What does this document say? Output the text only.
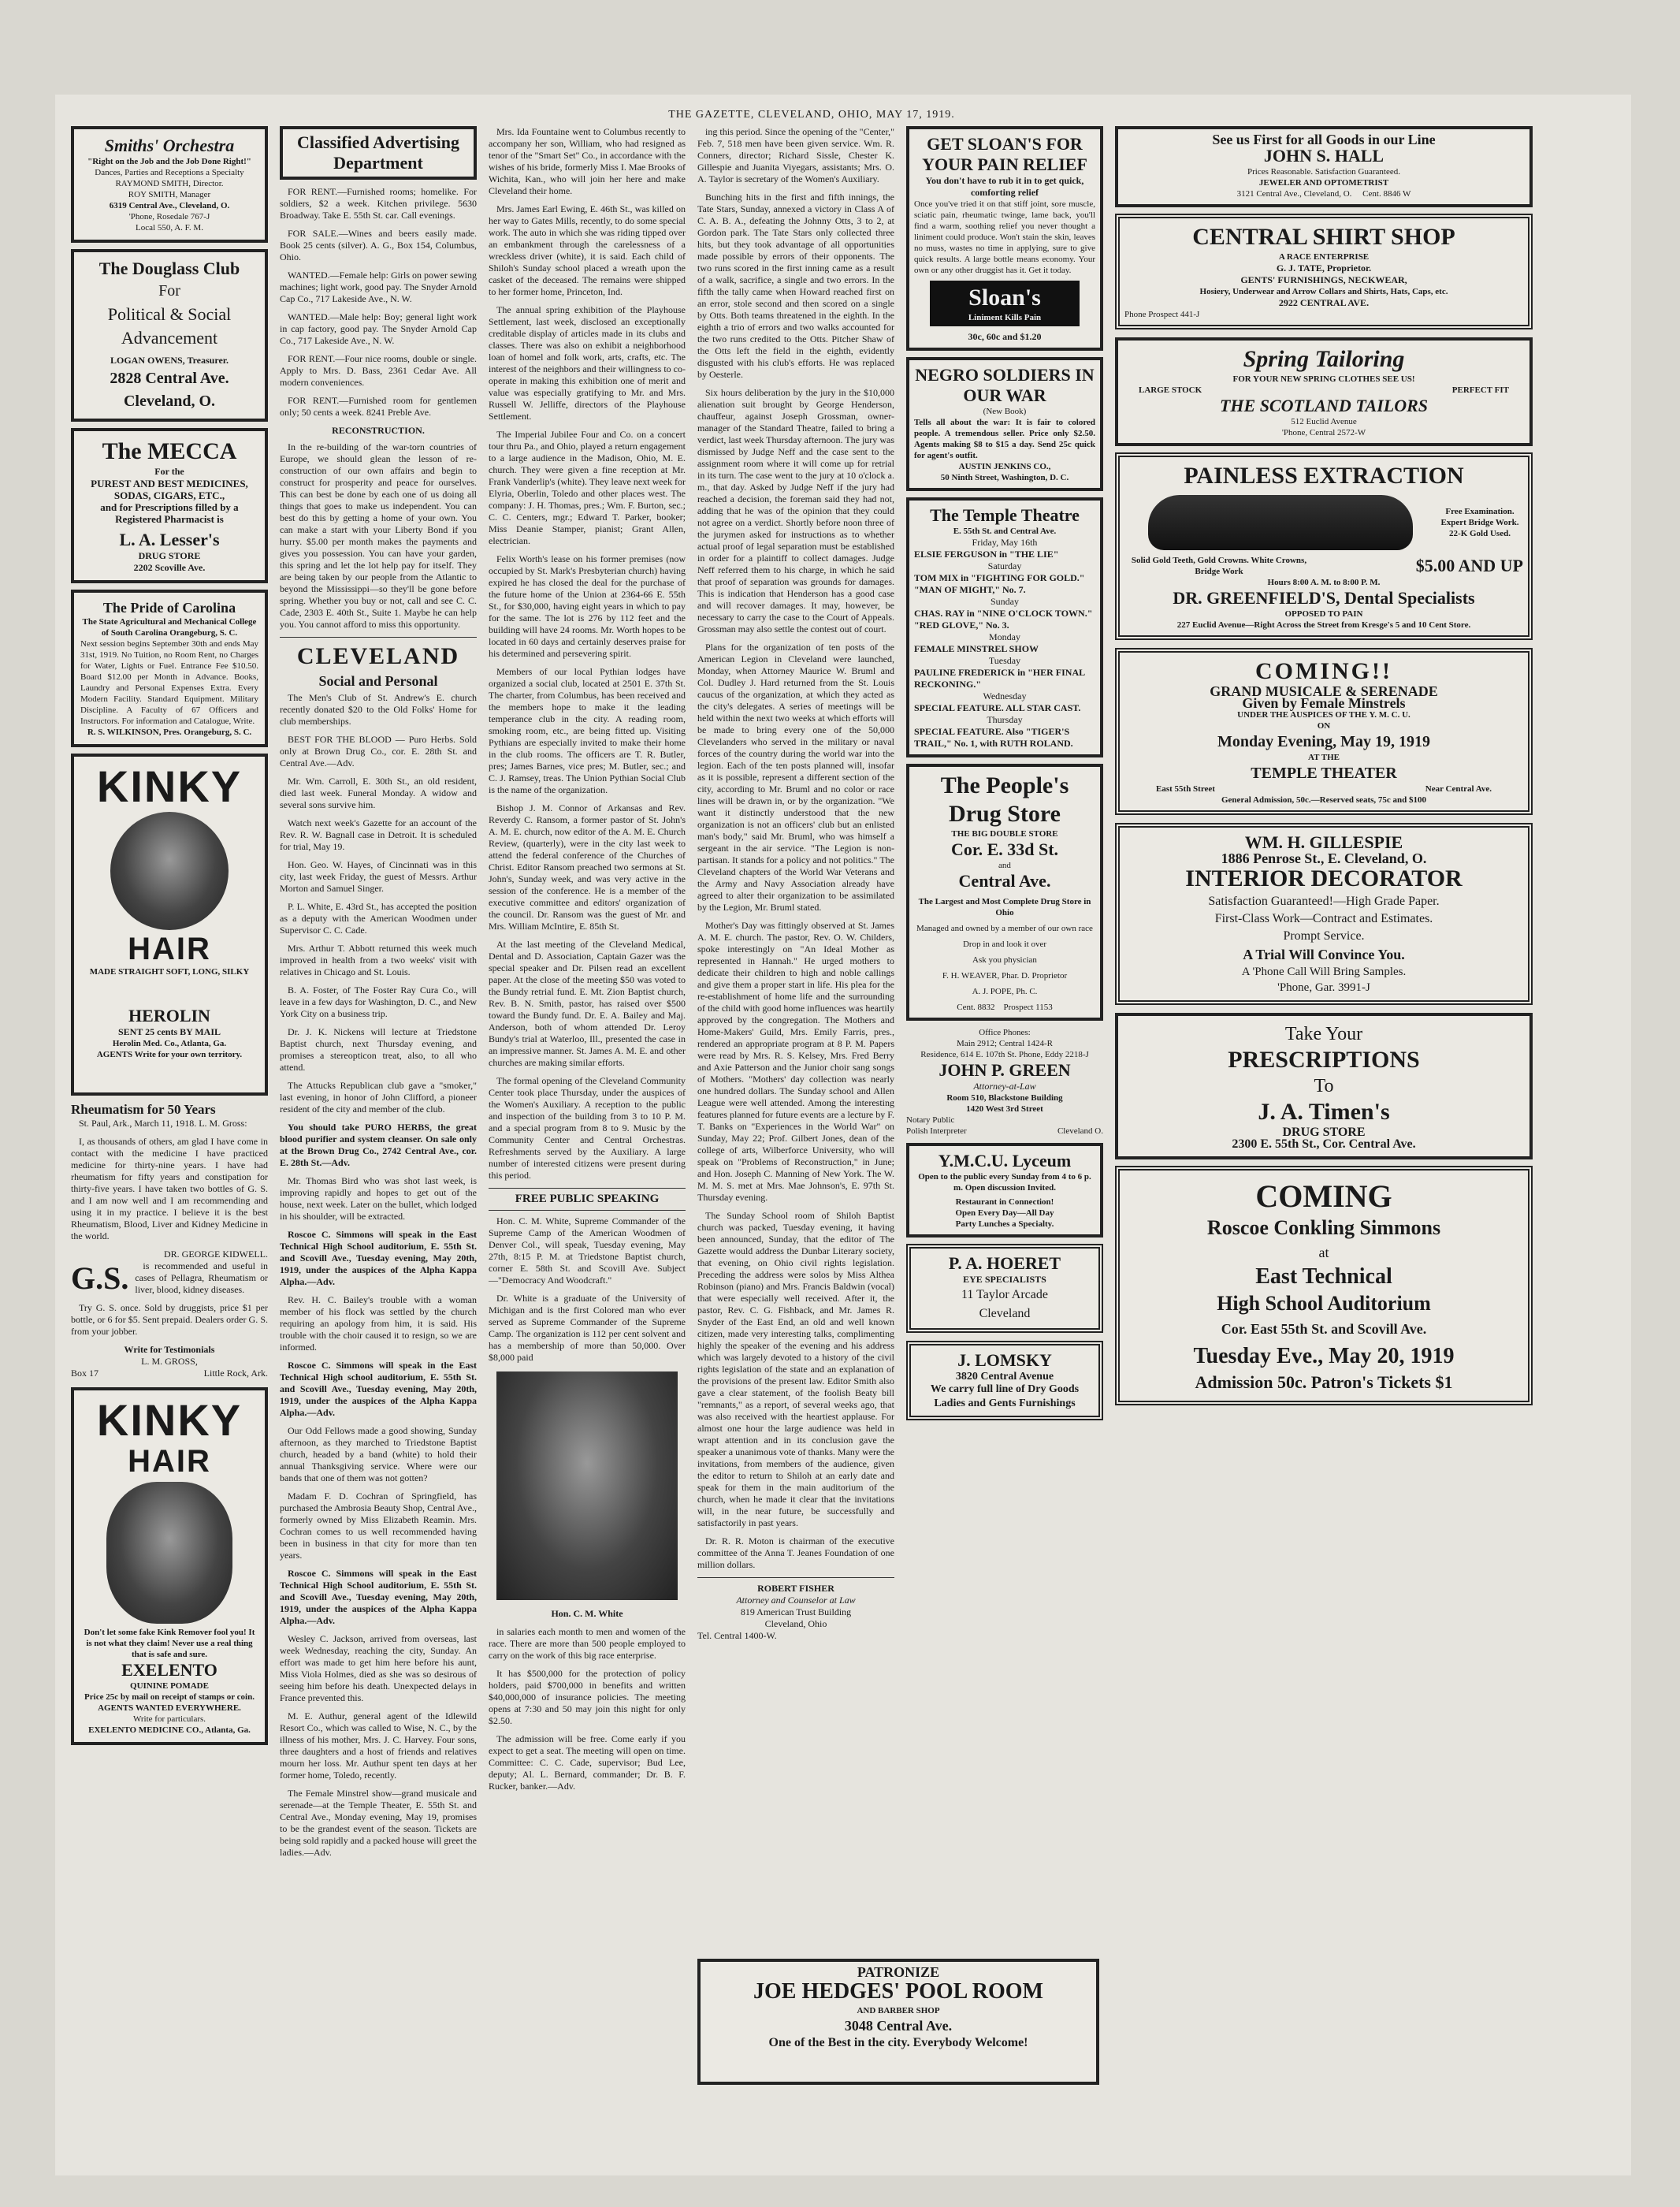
THE GAZETTE, CLEVELAND, OHIO, MAY 17, 1919.
Smiths' Orchestra
"Right on the Job and the Job Done Right!"
Dances, Parties and Receptions a Specialty
RAYMOND SMITH, Director.
ROY SMITH, Manager
6319 Central Ave., Cleveland, O.
'Phone, Rosedale 767-J
Local 550, A. F. M.
The Douglass Club
For
Political & Social Advancement
LOGAN OWENS, Treasurer.
2828 Central Ave.
Cleveland, O.
The MECCA
For the
PUREST AND BEST MEDICINES, SODAS, CIGARS, ETC.,
and for Prescriptions filled by a Registered Pharmacist is
L. A. Lesser's
DRUG STORE
2202 Scoville Ave.
The Pride of Carolina
The State Agricultural and Mechanical College of South Carolina Orangeburg, S. C.
Next session begins September 30th and ends May 31st, 1919. No Tuition, no Room Rent, no Charges for Water, Lights or Fuel. Entrance Fee $10.50. Board $12.00 per Month in Advance. Books, Laundry and Personal Expenses Extra. Every Modern Facility. Standard Equipment. Military Discipline. A Faculty of 67 Officers and Instructors. For information and Catalogue, Write.
R. S. WILKINSON, Pres. Orangeburg, S. C.
KINKY
HAIR
MADE STRAIGHT SOFT, LONG, SILKY
HEROLIN
SENT 25 cents BY MAIL
Herolin Med. Co., Atlanta, Ga.
AGENTS Write for your own territory.
Rheumatism for 50 Years

St. Paul, Ark., March 11, 1918. L. M. Gross:

I, as thousands of others, am glad I have come in contact with the medicine I have practiced medicine for thirty-nine years. I have had rheumatism for fifty years and constipation for thirty-five years. I have taken two bottles of G. S. and I am now well and I am recommending and using it in my practice. I believe it is the best Rheumatism, Blood, Liver and Kidney Medicine in the world.

DR. GEORGE KIDWELL.
G.S.	is recommended and useful in cases of Pellagra, Rheumatism or liver, blood, kidney diseases.

Try G. S. once. Sold by druggists, price $1 per bottle, or 6 for $5. Sent prepaid. Dealers order G. S. from your jobber.

Write for Testimonials
L. M. GROSS,
Box 17	Little Rock, Ark.
KINKY
HAIR
Don't let some fake Kink Remover fool you! It is not what they claim! Never use a real thing that is safe and sure.
EXELENTO
QUININE POMADE
Price 25c by mail on receipt of stamps or coin.
AGENTS WANTED EVERYWHERE.
Write for particulars.
EXELENTO MEDICINE CO., Atlanta, Ga.
Classified Advertising Department

FOR RENT.—Furnished rooms; homelike. For soldiers, $2 a week. Kitchen privilege. 5630 Broadway. Take E. 55th St. car. Call evenings.

FOR SALE.—Wines and beers easily made. Book 25 cents (silver). A. G., Box 154, Columbus, Ohio.

WANTED.—Female help: Girls on power sewing machines; light work, good pay. The Snyder Arnold Cap Co., 717 Lakeside Ave., N. W.

WANTED.—Male help: Boy; general light work in cap factory, good pay. The Snyder Arnold Cap Co., 717 Lakeside Ave., N. W.

FOR RENT.—Four nice rooms, double or single. Apply to Mrs. D. Bass, 2361 Cedar Ave. All modern conveniences.

FOR RENT.—Furnished room for gentlemen only; 50 cents a week. 8241 Preble Ave.

RECONSTRUCTION.

In the re-building of the war-torn countries of Europe, we should glean the lesson of re-construction of our own affairs and begin to construct for prosperity and peace for ourselves. This can best be done by each one of us doing all things that goes to make us independent. You can best do this by getting a home of your own. You can make a start with your Liberty Bond if you hurry. $5.00 per month makes the payments and gives you possession. You can have your garden, this spring and let the lot help pay for itself. They are being taken by our people from the Atlantic to beyond the Mississippi—so they'll be gone before spring. Whether you buy or not, call and see C. C. Cade, 2303 E. 40th St., Suite 1. Maybe he can help you. You cannot afford to miss this opportunity.

CLEVELAND
Social and Personal

The Men's Club of St. Andrew's E. church recently donated $20 to the Old Folks' Home for club memberships.

BEST FOR THE BLOOD — Puro Herbs. Sold only at Brown Drug Co., cor. E. 28th St. and Central Ave.—Adv.

Mr. Wm. Carroll, E. 30th St., an old resident, died last week. Funeral Monday. A widow and several sons survive him.

Watch next week's Gazette for an account of the Rev. R. W. Bagnall case in Detroit. It is scheduled for trial, May 19.

Hon. Geo. W. Hayes, of Cincinnati was in this city, last week Friday, the guest of Messrs. Arthur Morton and Samuel Singer.

P. L. White, E. 43rd St., has accepted the position as a deputy with the American Woodmen under Supervisor C. C. Cade.

Mrs. Arthur T. Abbott returned this week much improved in health from a two weeks' visit with relatives in Chicago and St. Louis.

B. A. Foster, of The Foster Ray Cura Co., will leave in a few days for Washington, D. C., and New York City on a business trip.

Dr. J. K. Nickens will lecture at Triedstone Baptist church, next Thursday evening, and promises a stereopticon treat, also, to all who attend.

The Attucks Republican club gave a "smoker," last evening, in honor of John Clifford, a pioneer resident of the city and member of the club.

You should take PURO HERBS, the great blood purifier and system cleanser. On sale only at the Brown Drug Co., 2742 Central Ave., cor. E. 28th St.—Adv.

Mr. Thomas Bird who was shot last week, is improving rapidly and hopes to get out of the house, next week. Later on the bullet, which lodged in his shoulder, will be extracted.

Roscoe C. Simmons will speak in the East Technical High School auditorium, E. 55th St. and Scovill Ave., Tuesday evening, May 20th, 1919, under the auspices of the Alpha Kappa Alpha.—Adv.

Rev. H. C. Bailey's trouble with a woman member of his flock was settled by the church requiring an apology from him, it is said. His trouble with the choir caused it to resign, so we are informed.

Roscoe C. Simmons will speak in the East Technical High school auditorium, E. 55th St. and Scovill Ave., Tuesday evening, May 20th, 1919, under the auspices of the Alpha Kappa Alpha.—Adv.

Our Odd Fellows made a good showing, Sunday afternoon, as they marched to Triedstone Baptist church, headed by a band (white) to hold their annual Thanksgiving service. Where were our bands that one of them was not gotten?

Madam F. D. Cochran of Springfield, has purchased the Ambrosia Beauty Shop, Central Ave., formerly owned by Miss Elizabeth Reamin. Mrs. Cochran comes to us well recommended having been in business in that city for more than ten years.

Roscoe C. Simmons will speak in the East Technical High School auditorium, E. 55th St. and Scovill Ave., Tuesday evening, May 20th, 1919, under the auspices of the Alpha Kappa Alpha.—Adv.

Wesley C. Jackson, arrived from overseas, last week Wednesday, reaching the city, Sunday. An effort was made to get him here before his aunt, Miss Viola Holmes, died as she was so desirous of seeing him before his death. Unexpected delays in France prevented this.

M. E. Authur, general agent of the Idlewild Resort Co., which was called to Wise, N. C., by the illness of his mother, Mrs. J. C. Harvey. Four sons, three daughters and a host of friends and relatives mourn her loss. Mr. Authur spent ten days at her former home, Toledo, recently.

The Female Minstrel show—grand musicale and serenade—at the Temple Theater, E. 55th St. and Central Ave., Monday evening, May 19, promises to be the grandest event of the season. Tickets are being sold rapidly and a packed house will greet the ladies.—Adv.

Mrs. Ida Fountaine went to Columbus recently to accompany her son, William, who had resigned as tenor of the "Smart Set" Co., in accordance with the wishes of his bride, formerly Miss I. Mae Brooks of Wichita, Kan., who will join her here and make Cleveland their home.

Mrs. James Earl Ewing, E. 46th St., was killed on her way to Gates Mills, recently, to do some special work. The auto in which she was riding tipped over an embankment through the carelessness of a wreckless driver (white), it is said. Each child of Shiloh's Sunday school placed a wreath upon the casket of the deceased. The remains were shipped to her former home, Princeton, Ind.

The annual spring exhibition of the Playhouse Settlement, last week, disclosed an exceptionally creditable display of articles made in its clubs and classes. There was also on exhibit a neighborhood loan of homel and folk work, arts, crafts, etc. The interest of the neighbors and their willingness to co-operate in making this exhibition one of merit and value was especially gratifying to Mr. and Mrs. Russell W. Jelliffe, directors of the Playhouse Settlement.

The Imperial Jubilee Four and Co. on a concert tour thru Pa., and Ohio, played a return engagement to a large audience in the Madison, Ohio, M. E. church. They were given a fine reception at Mr. Frank Vanderlip's (white). They leave next week for Elyria, Oberlin, Toledo and other places west. The company: J. H. Thomas, pres.; Wm. F. Burton, sec.; C. C. Centers, mgr.; Edward T. Parker, booker; Miss Deanie Stamper, pianist; Grant Allen, electrician.

Felix Worth's lease on his former premises (now occupied by St. Mark's Presbyterian church) having expired he has closed the deal for the purchase of the future home of the Union at 2364-66 E. 55th St., for $30,000, having eight years in which to pay for the same. The lot is 276 by 112 feet and the building will have 24 rooms. Mr. Worth hopes to be located in 60 days and certainly deserves praise for his determined and persevering spirit.

Members of our local Pythian lodges have organized a social club, located at 2501 E. 37th St. The charter, from Columbus, has been received and the members hope to make it the leading temperance club in the city. A reading room, smoking room, etc., are being fitted up. Visiting Pythians are especially invited to make their home in the club rooms. The officers are T. R. Butler, pres; James Barnes, vice pres; M. Butler, sec.; and C. J. Ramsey, treas. The Union Pythian Social Club is the name of the organization.

Bishop J. M. Connor of Arkansas and Rev. Reverdy C. Ransom, a former pastor of St. John's A. M. E. church, now editor of the A. M. E. Church Review, (quarterly), were in the city last week to attend the federal conference of the Churches of Christ. Editor Ransom preached two sermons at St. John's, Sunday week, and was very active in the session of the conference. He is a member of the executive committee and editors' organization of the council. Dr. Ransom was the guest of Mr. and Mrs. William McIntire, E. 85th St.

At the last meeting of the Cleveland Medical, Dental and D. Association, Captain Gazer was the special speaker and Dr. Pilsen read an excellent paper. At the close of the meeting $50 was voted to the Bundy retrial fund. E. Mt. Zion Baptist church, Rev. B. N. Smith, pastor, has raised over $500 toward the Bundy fund. Dr. E. A. Bailey and Maj. Anderson, both of whom attended Dr. Leroy Bundy's trial at Waterloo, Ill., presented the case in an impressive manner. St. James A. M. E. and other churches are making similar efforts.

The formal opening of the Cleveland Community Center took place Thursday, under the auspices of the Women's Auxiliary. A reception to the public and inspection of the building from 3 to 10 P. M. and a special program from 8 to 9. Music by the Community Center and Central Orchestras. Refreshments served by the Auxiliary. A large number of interested citizens were present during this period.

FREE PUBLIC SPEAKING

Hon. C. M. White, Supreme Commander of the Supreme Camp of the American Woodmen of Denver Col., will speak, Tuesday evening, May 27th, 8:15 P. M. at Triedstone Baptist church, corner E. 58th St. and Scovill Ave. Subject—"Democracy And Woodcraft."

Dr. White is a graduate of the University of Michigan and is the first Colored man who ever served as Supreme Commander of the Supreme Camp. The organization is 112 per cent solvent and has a membership of more than 50,000. Over $8,000 paid

Hon. C. M. White

in salaries each month to men and women of the race. There are more than 500 people employed to carry on the work of this big race enterprise.

It has $500,000 for the protection of policy holders, paid $700,000 in benefits and written $40,000,000 of insurance policies. The meeting opens at 7:30 and 50 may join this night for only $2.50.

The admission will be free. Come early if you expect to get a seat. The meeting will open on time. Committee: C. C. Cade, supervisor; Bud Lee, deputy; Al. L. Bernard, commander; Dr. B. F. Rucker, banker.—Adv.

ing this period. Since the opening of the "Center," Feb. 7, 518 men have been given service. Wm. R. Conners, director; Richard Sissle, Chester K. Gillespie and Juanita Viyegars, assistants; Mrs. O. A. Taylor is secretary of the Women's Auxiliary.

Bunching hits in the first and fifth innings, the Tate Stars, Sunday, annexed a victory in Class A of C. A. B. A., defeating the Johnny Otts, 3 to 2, at Gordon park. The Tate Stars only collected three hits, but they took advantage of all opportunities made possible by errors of their opponents. The two runs scored in the first inning came as a result of a walk, sacrifice, a single and two errors. In the fifth the tally came when Howard reached first on an error, stole second and then scored on a single by Otts. Both teams threatened in the eighth. In the eighth a trio of errors and two walks accounted for the two runs credited to the Otts. Pitcher Shaw of the Otts left the field in the eighth, evidently disgusted with his club's efforts. He was replaced by Oesterle.

Six hours deliberation by the jury in the $10,000 alienation suit brought by George Henderson, chauffeur, against Joseph Grossman, owner-manager of the Standard Theatre, failed to bring a verdict, last week Thursday afternoon. The jury was dismissed by Judge Neff and the case sent to the assignment room where it will come up for retrial in its turn. The case went to the jury at 10 o'clock a. m., that day. Asked by Judge Neff if the jury had reached a decision, the foreman said they had not, adding that he was of the opinion that they could not agree on a verdict. Shortly before noon three of the jurymen asked for instructions as to whether actual proof of legal separation must be established in order for a plaintiff to collect damages. Judge Neff referred them to his charge, in which he said that proof of separation was grounds for damages. This is indication that Henderson has a good case and will recover damages. It may, however, be necessary to carry the case to the Court of Appeals. Grossman may also settle the contest out of court.

Plans for the organization of ten posts of the American Legion in Cleveland were launched, Monday, when Attorney Maurice W. Bruml and Col. Dudley J. Hard returned from the St. Louis caucus of the organization, at which they acted as the city's delegates. A series of meetings will be held within the next two weeks at which efforts will be made to bring every one of the 50,000 Clevelanders who served in the military or naval forces of the country during the world war into the legion. Each of the ten posts planned will, insofar as it is possible, represent a different section of the city, according to Mr. Bruml and no color or race lines will be drawn in, or by the organization. "We want it distinctly understood that the new organization is not an officers' club but an enlisted man's body," said Mr. Bruml, who was himself a sergeant in the air service. "The Legion is non-partisan. It stands for a policy and not politics." The Cleveland chapters of the World War Veterans and the Army and Navy Association already have agreed to alter their organization to be assimilated by the Legion, Mr. Bruml stated.

Mother's Day was fittingly observed at St. James A. M. E. church. The pastor, Rev. O. W. Childers, spoke interestingly on "An Ideal Mother as represented in Hannah." He urged mothers to dedicate their children to high and noble callings and give them a proper start in life. His plea for the re-establishment of home life and the surrounding of the child with good home influences was heartily approved by the congregation. The Mothers and Home-Makers' Guild, Mrs. Emily Farris, pres., rendered an appropriate program at 8 P. M. Papers were read by Mrs. R. S. Kelsey, Mrs. Fred Berry and Axie Patterson and the Junior choir sang songs of Mothers. "Mothers' day collection was nearly one hundred dollars. The Sunday school and Allen League were well attended. Among the interesting features planned for future events are a lecture by F. T. Banks on "Experiences in the World War" on Sunday, May 22; Prof. Gilbert Jones, dean of the college of arts, Wilberforce University, who will speak on "Problems of Reconstruction," in June; and Hon. Joseph C. Manning of New York. The W. M. M. S. met at Mrs. Mae Johnson's, E. 97th St. Thursday evening.

The Sunday School room of Shiloh Baptist church was packed, Tuesday evening, it having been announced, Sunday, that the editor of The Gazette would address the Dunbar Literary society, that evening, on Ohio civil rights legislation. Preceding the address were solos by Miss Althea Robinson (piano) and Mrs. Francis Baldwin (vocal) that were especially well received. After it, the pastor, Rev. C. G. Fishback, and Mr. James R. Snyder of the East End, an old and well known citizen, made very interesting talks, complimenting highly the speaker of the evening and his address which was largely devoted to a history of the civil rights legislation of the state and an explanation of the provisions of the present law. Editor Smith also gave a clear statement, of the foolish Beaty bill "remnants," as a report, of several weeks ago, that was also received with the heartiest applause. For almost one hour the large audience was held in wrapt attention and in its conclusion gave the speaker a unanimous vote of thanks. Many were the invitations, from members of the audience, given the editor to return to Shiloh at an early date and speak for them in the main auditorium of the church, when he made it clear that the invitations will, in the near future, be successfully and satisfactorily in past years.

Dr. R. R. Moton is chairman of the executive committee of the Anna T. Jeanes Foundation of one million dollars.

ROBERT FISHER
Attorney and Counselor at Law
819 American Trust Building
Cleveland, Ohio
Tel. Central 1400-W.
GET SLOAN'S FOR YOUR PAIN RELIEF
You don't have to rub it in to get quick, comforting relief
Once you've tried it on that stiff joint, sore muscle, sciatic pain, rheumatic twinge, lame back, you'll find a warm, soothing relief you never thought a liniment could produce. Won't stain the skin, leaves no muss, wastes no time in applying, sure to give quick results. A large bottle means economy. Your own or any other druggist has it. Get it today.
Sloan's
Liniment Kills Pain
30c, 60c and $1.20
NEGRO SOLDIERS IN OUR WAR
(New Book)
Tells all about the war: It is fair to colored people. A tremendous seller. Price only $2.50. Agents making $8 to $15 a day. Send 25c quick for agent's outfit.
AUSTIN JENKINS CO.,
50 Ninth Street, Washington, D. C.
The Temple Theatre
E. 55th St. and Central Ave.
Friday, May 16th
ELSIE FERGUSON in "THE LIE"
Saturday
TOM MIX in "FIGHTING FOR GOLD." "MAN OF MIGHT," No. 7.
Sunday
CHAS. RAY in "NINE O'CLOCK TOWN." "RED GLOVE," No. 3.
Monday
FEMALE MINSTREL SHOW
Tuesday
PAULINE FREDERICK in "HER FINAL RECKONING."
Wednesday
SPECIAL FEATURE. ALL STAR CAST.
Thursday
SPECIAL FEATURE. Also "TIGER'S TRAIL," No. 1, with RUTH ROLAND.
The People's Drug Store
THE BIG DOUBLE STORE
Cor. E. 33d St.
and
Central Ave.
The Largest and Most Complete Drug Store in Ohio
Managed and owned by a member of our own race
Drop in and look it over
Ask you physician
F. H. WEAVER, Phar. D. Proprietor
A. J. POPE, Ph. C.
Cent. 8832 Prospect 1153
Office Phones:
Main 2912; Central 1424-R
Residence, 614 E. 107th St. Phone, Eddy 2218-J
JOHN P. GREEN
Attorney-at-Law
Room 510, Blackstone Building
1420 West 3rd Street
Notary Public
Polish Interpreter	Cleveland O.
Y.M.C.U. Lyceum
Open to the public every Sunday from 4 to 6 p. m. Open discussion Invited.
Restaurant in Connection!
Open Every Day—All Day
Party Lunches a Specialty.
P. A. HOERET
EYE SPECIALISTS
11 Taylor Arcade
Cleveland
J. LOMSKY
3820 Central Avenue
We carry full line of Dry Goods Ladies and Gents Furnishings
PATRONIZE
JOE HEDGES' POOL ROOM
AND BARBER SHOP
3048 Central Ave.
One of the Best in the city. Everybody Welcome!
See us First for all Goods in our Line
JOHN S. HALL
Prices Reasonable. Satisfaction Guaranteed.
JEWELER AND OPTOMETRIST
3121 Central Ave., Cleveland, O. Cent. 8846 W
CENTRAL SHIRT SHOP
A RACE ENTERPRISE
G. J. TATE, Proprietor.
GENTS' FURNISHINGS, NECKWEAR,
Hosiery, Underwear and Arrow Collars and Shirts, Hats, Caps, etc.
2922 CENTRAL AVE.
Phone Prospect 441-J
Spring Tailoring
FOR YOUR NEW SPRING CLOTHES SEE US!
LARGE STOCK	PERFECT FIT
THE SCOTLAND TAILORS
512 Euclid Avenue
'Phone, Central 2572-W
PAINLESS EXTRACTION
Free Examination.
Expert Bridge Work.
22-K Gold Used.
Solid Gold Teeth, Gold Crowns. White Crowns, Bridge Work	$5.00 AND UP
Hours 8:00 A. M. to 8:00 P. M.
DR. GREENFIELD'S, Dental Specialists
OPPOSED TO PAIN
227 Euclid Avenue—Right Across the Street from Kresge's 5 and 10 Cent Store.
COMING!!
GRAND MUSICALE & SERENADE
Given by Female Minstrels
UNDER THE AUSPICES OF THE Y. M. C. U.
ON
Monday Evening, May 19, 1919
AT THE
TEMPLE THEATER
East 55th Street	Near Central Ave.
General Admission, 50c.—Reserved seats, 75c and $100
WM. H. GILLESPIE
1886 Penrose St., E. Cleveland, O.
INTERIOR DECORATOR
Satisfaction Guaranteed!—High Grade Paper.
First-Class Work—Contract and Estimates.
Prompt Service.
A Trial Will Convince You.
A 'Phone Call Will Bring Samples.
'Phone, Gar. 3991-J
Take Your
PRESCRIPTIONS
To
J. A. Timen's
DRUG STORE
2300 E. 55th St., Cor. Central Ave.
COMING
Roscoe Conkling Simmons
at
East Technical
High School Auditorium
Cor. East 55th St. and Scovill Ave.
Tuesday Eve., May 20, 1919
Admission 50c. Patron's Tickets $1
